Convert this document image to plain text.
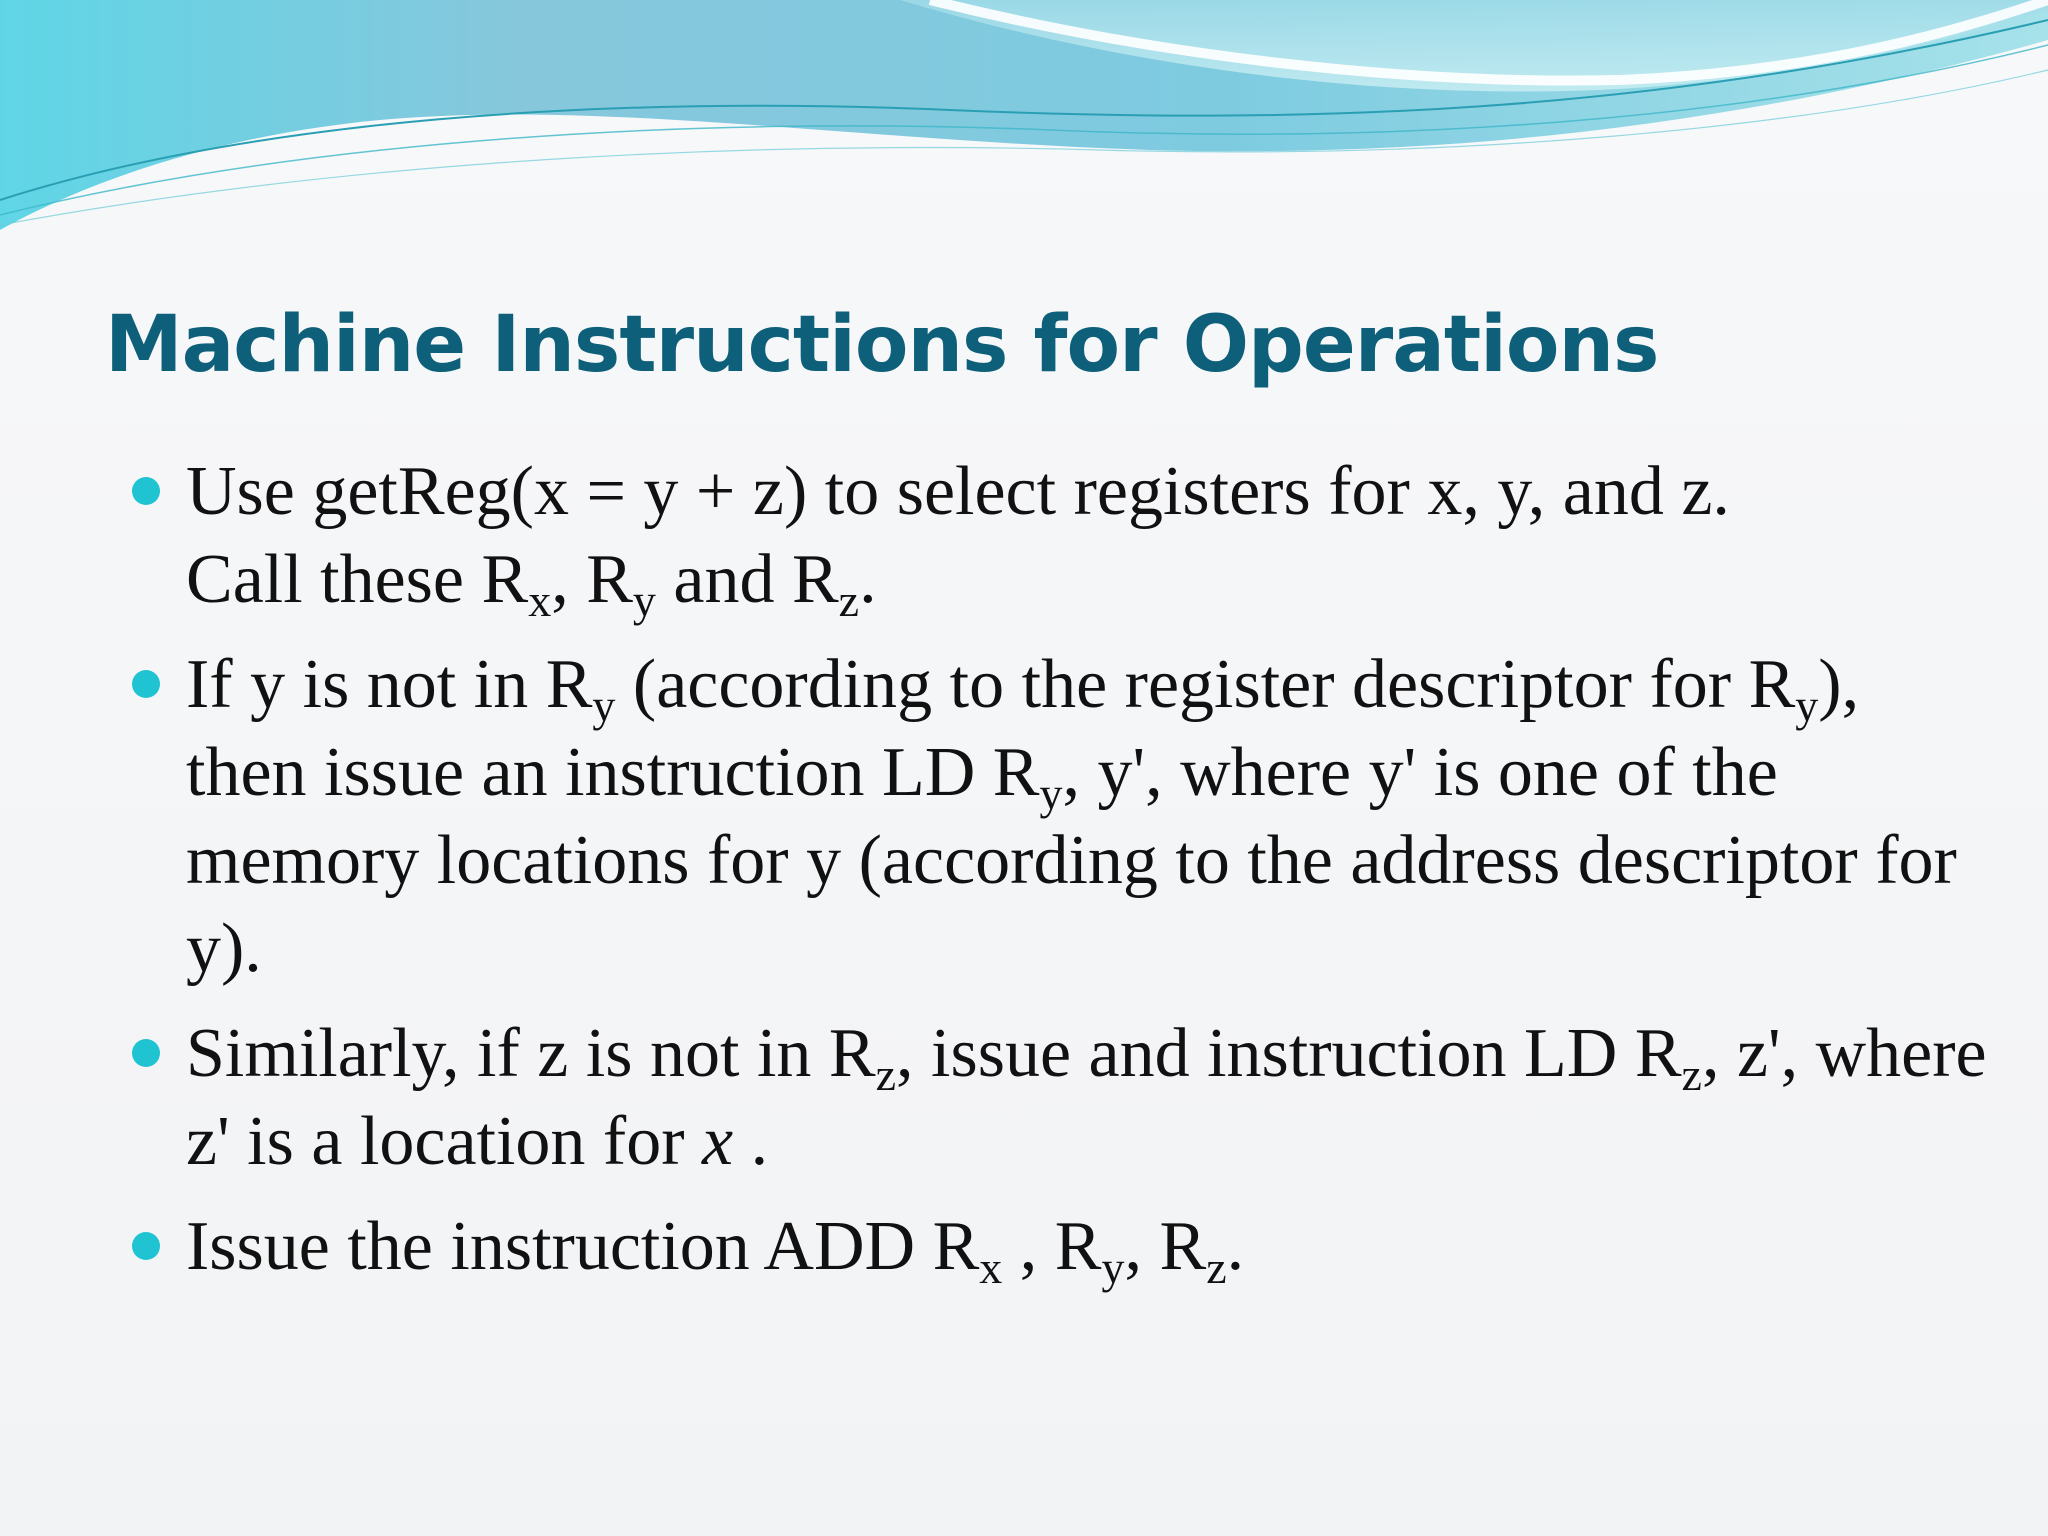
Machine Instructions for Operations
Use getReg(x = y + z) to select registers for x, y, and z.
Call these $R_x$, $R_y$ and $R_z$.
If y is not in $R_y$ (according to the register descriptor for $R_y$), then issue an instruction LD $R_y$, y', where y' is one of the memory locations for y (according to the address descriptor for y).
Similarly, if z is not in $R_z$, issue and instruction LD $R_z$, z', where z' is a location for x .
Issue the instruction ADD $R_x$ , $R_y$, $R_z$.
